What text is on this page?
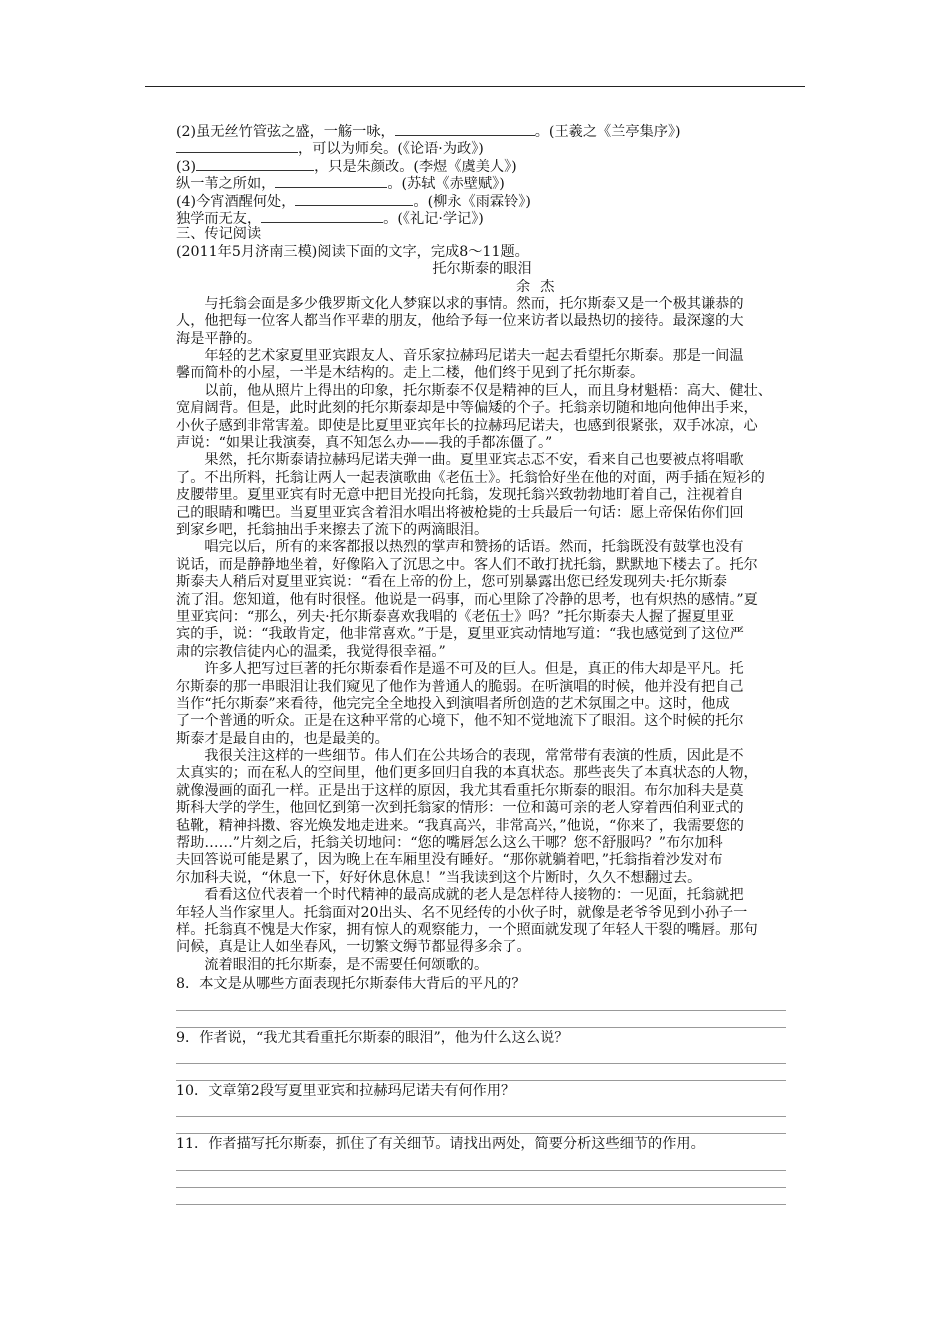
(2)虽无丝竹管弦之盛，一觞一咏，	。(王羲之《兰亭集序》)
，可以为师矣。(《论语·为政》)
(3)	，只是朱颜改。(李煜《虞美人》)
纵一苇之所如，	。(苏轼《赤壁赋》)
(4)今宵酒醒何处，	。(柳永《雨霖铃》)
独学而无友，	。(《礼记·学记》)
三、传记阅读
(2011年5月济南三模)阅读下面的文字，完成8～11题。
托尔斯泰的眼泪
余杰
　　与托翁会面是多少俄罗斯文化人梦寐以求的事情。然而，托尔斯泰又是一个极其谦恭的
人，他把每一位客人都当作平辈的朋友，他给予每一位来访者以最热切的接待。最深邃的大
海是平静的。
　　年轻的艺术家夏里亚宾跟友人、音乐家拉赫玛尼诺夫一起去看望托尔斯泰。那是一间温
馨而简朴的小屋，一半是木结构的。走上二楼，他们终于见到了托尔斯泰。
　　以前，他从照片上得出的印象，托尔斯泰不仅是精神的巨人，而且身材魁梧：高大、健壮、
宽肩阔背。但是，此时此刻的托尔斯泰却是中等偏矮的个子。托翁亲切随和地向他伸出手来，
小伙子感到非常害羞。即使是比夏里亚宾年长的拉赫玛尼诺夫，也感到很紧张，双手冰凉，心
声说：“如果让我演奏，真不知怎么办——我的手都冻僵了。”
　　果然，托尔斯泰请拉赫玛尼诺夫弹一曲。夏里亚宾忐忑不安，看来自己也要被点将唱歌
了。不出所料，托翁让两人一起表演歌曲《老伍士》。托翁恰好坐在他的对面，两手插在短衫的
皮腰带里。夏里亚宾有时无意中把目光投向托翁，发现托翁兴致勃勃地盯着自己，注视着自
己的眼睛和嘴巴。当夏里亚宾含着泪水唱出将被枪毙的士兵最后一句话：愿上帝保佑你们回
到家乡吧，托翁抽出手来擦去了流下的两滴眼泪。
　　唱完以后，所有的来客都报以热烈的掌声和赞扬的话语。然而，托翁既没有鼓掌也没有
说话，而是静静地坐着，好像陷入了沉思之中。客人们不敢打扰托翁，默默地下楼去了。托尔
斯泰夫人稍后对夏里亚宾说：“看在上帝的份上，您可别暴露出您已经发现列夫·托尔斯泰
流了泪。您知道，他有时很怪。他说是一码事，而心里除了冷静的思考，也有炽热的感情。”夏
里亚宾问：“那么，列夫·托尔斯泰喜欢我唱的《老伍士》吗？”托尔斯泰夫人握了握夏里亚
宾的手，说：“我敢肯定，他非常喜欢。”于是，夏里亚宾动情地写道：“我也感觉到了这位严
肃的宗教信徒内心的温柔，我觉得很幸福。”
　　许多人把写过巨著的托尔斯泰看作是遥不可及的巨人。但是，真正的伟大却是平凡。托
尔斯泰的那一串眼泪让我们窥见了他作为普通人的脆弱。在听演唱的时候，他并没有把自己
当作“托尔斯泰”来看待，他完完全全地投入到演唱者所创造的艺术氛围之中。这时，他成
了一个普通的听众。正是在这种平常的心境下，他不知不觉地流下了眼泪。这个时候的托尔
斯泰才是最自由的，也是最美的。
　　我很关注这样的一些细节。伟人们在公共场合的表现，常常带有表演的性质，因此是不
太真实的；而在私人的空间里，他们更多回归自我的本真状态。那些丧失了本真状态的人物，
就像漫画的面孔一样。正是出于这样的原因，我尤其看重托尔斯泰的眼泪。布尔加科夫是莫
斯科大学的学生，他回忆到第一次到托翁家的情形：一位和蔼可亲的老人穿着西伯利亚式的
毡靴，精神抖擞、容光焕发地走进来。“我真高兴，非常高兴，”他说，“你来了，我需要您的
帮助……”片刻之后，托翁关切地问：“您的嘴唇怎么这么干哪？您不舒服吗？”布尔加科
夫回答说可能是累了，因为晚上在车厢里没有睡好。“那你就躺着吧，”托翁指着沙发对布
尔加科夫说，“休息一下，好好休息休息！”当我读到这个片断时，久久不想翻过去。
　　看看这位代表着一个时代精神的最高成就的老人是怎样待人接物的：一见面，托翁就把
年轻人当作家里人。托翁面对20出头、名不见经传的小伙子时，就像是老爷爷见到小孙子一
样。托翁真不愧是大作家，拥有惊人的观察能力，一个照面就发现了年轻人干裂的嘴唇。那句
问候，真是让人如坐春风，一切繁文缛节都显得多余了。
　　流着眼泪的托尔斯泰，是不需要任何颂歌的。
8．本文是从哪些方面表现托尔斯泰伟大背后的平凡的？
9．作者说，“我尤其看重托尔斯泰的眼泪”，他为什么这么说？
10．文章第2段写夏里亚宾和拉赫玛尼诺夫有何作用？
11．作者描写托尔斯泰，抓住了有关细节。请找出两处，简要分析这些细节的作用。
